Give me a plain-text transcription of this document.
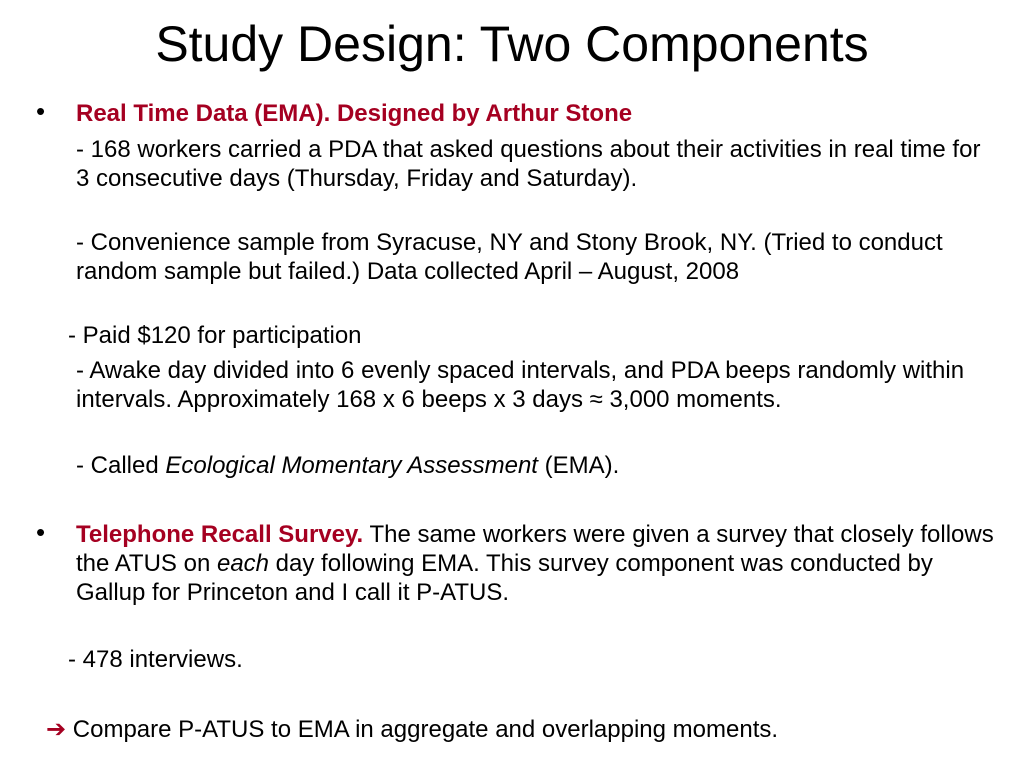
Study Design: Two Components
• Real Time Data (EMA). Designed by Arthur Stone

- 168 workers carried a PDA that asked questions about their activities in real time for 3 consecutive days (Thursday, Friday and Saturday).

- Convenience sample from Syracuse, NY and Stony Brook, NY. (Tried to conduct random sample but failed.) Data collected April – August, 2008

- Paid $120 for participation

- Awake day divided into 6 evenly spaced intervals, and PDA beeps randomly within intervals. Approximately 168 x 6 beeps x 3 days ≈ 3,000 moments.

- Called Ecological Momentary Assessment (EMA).

• Telephone Recall Survey. The same workers were given a survey that closely follows the ATUS on each day following EMA. This survey component was conducted by Gallup for Princeton and I call it P-ATUS.

- 478 interviews.

➔ Compare P-ATUS to EMA in aggregate and overlapping moments.
